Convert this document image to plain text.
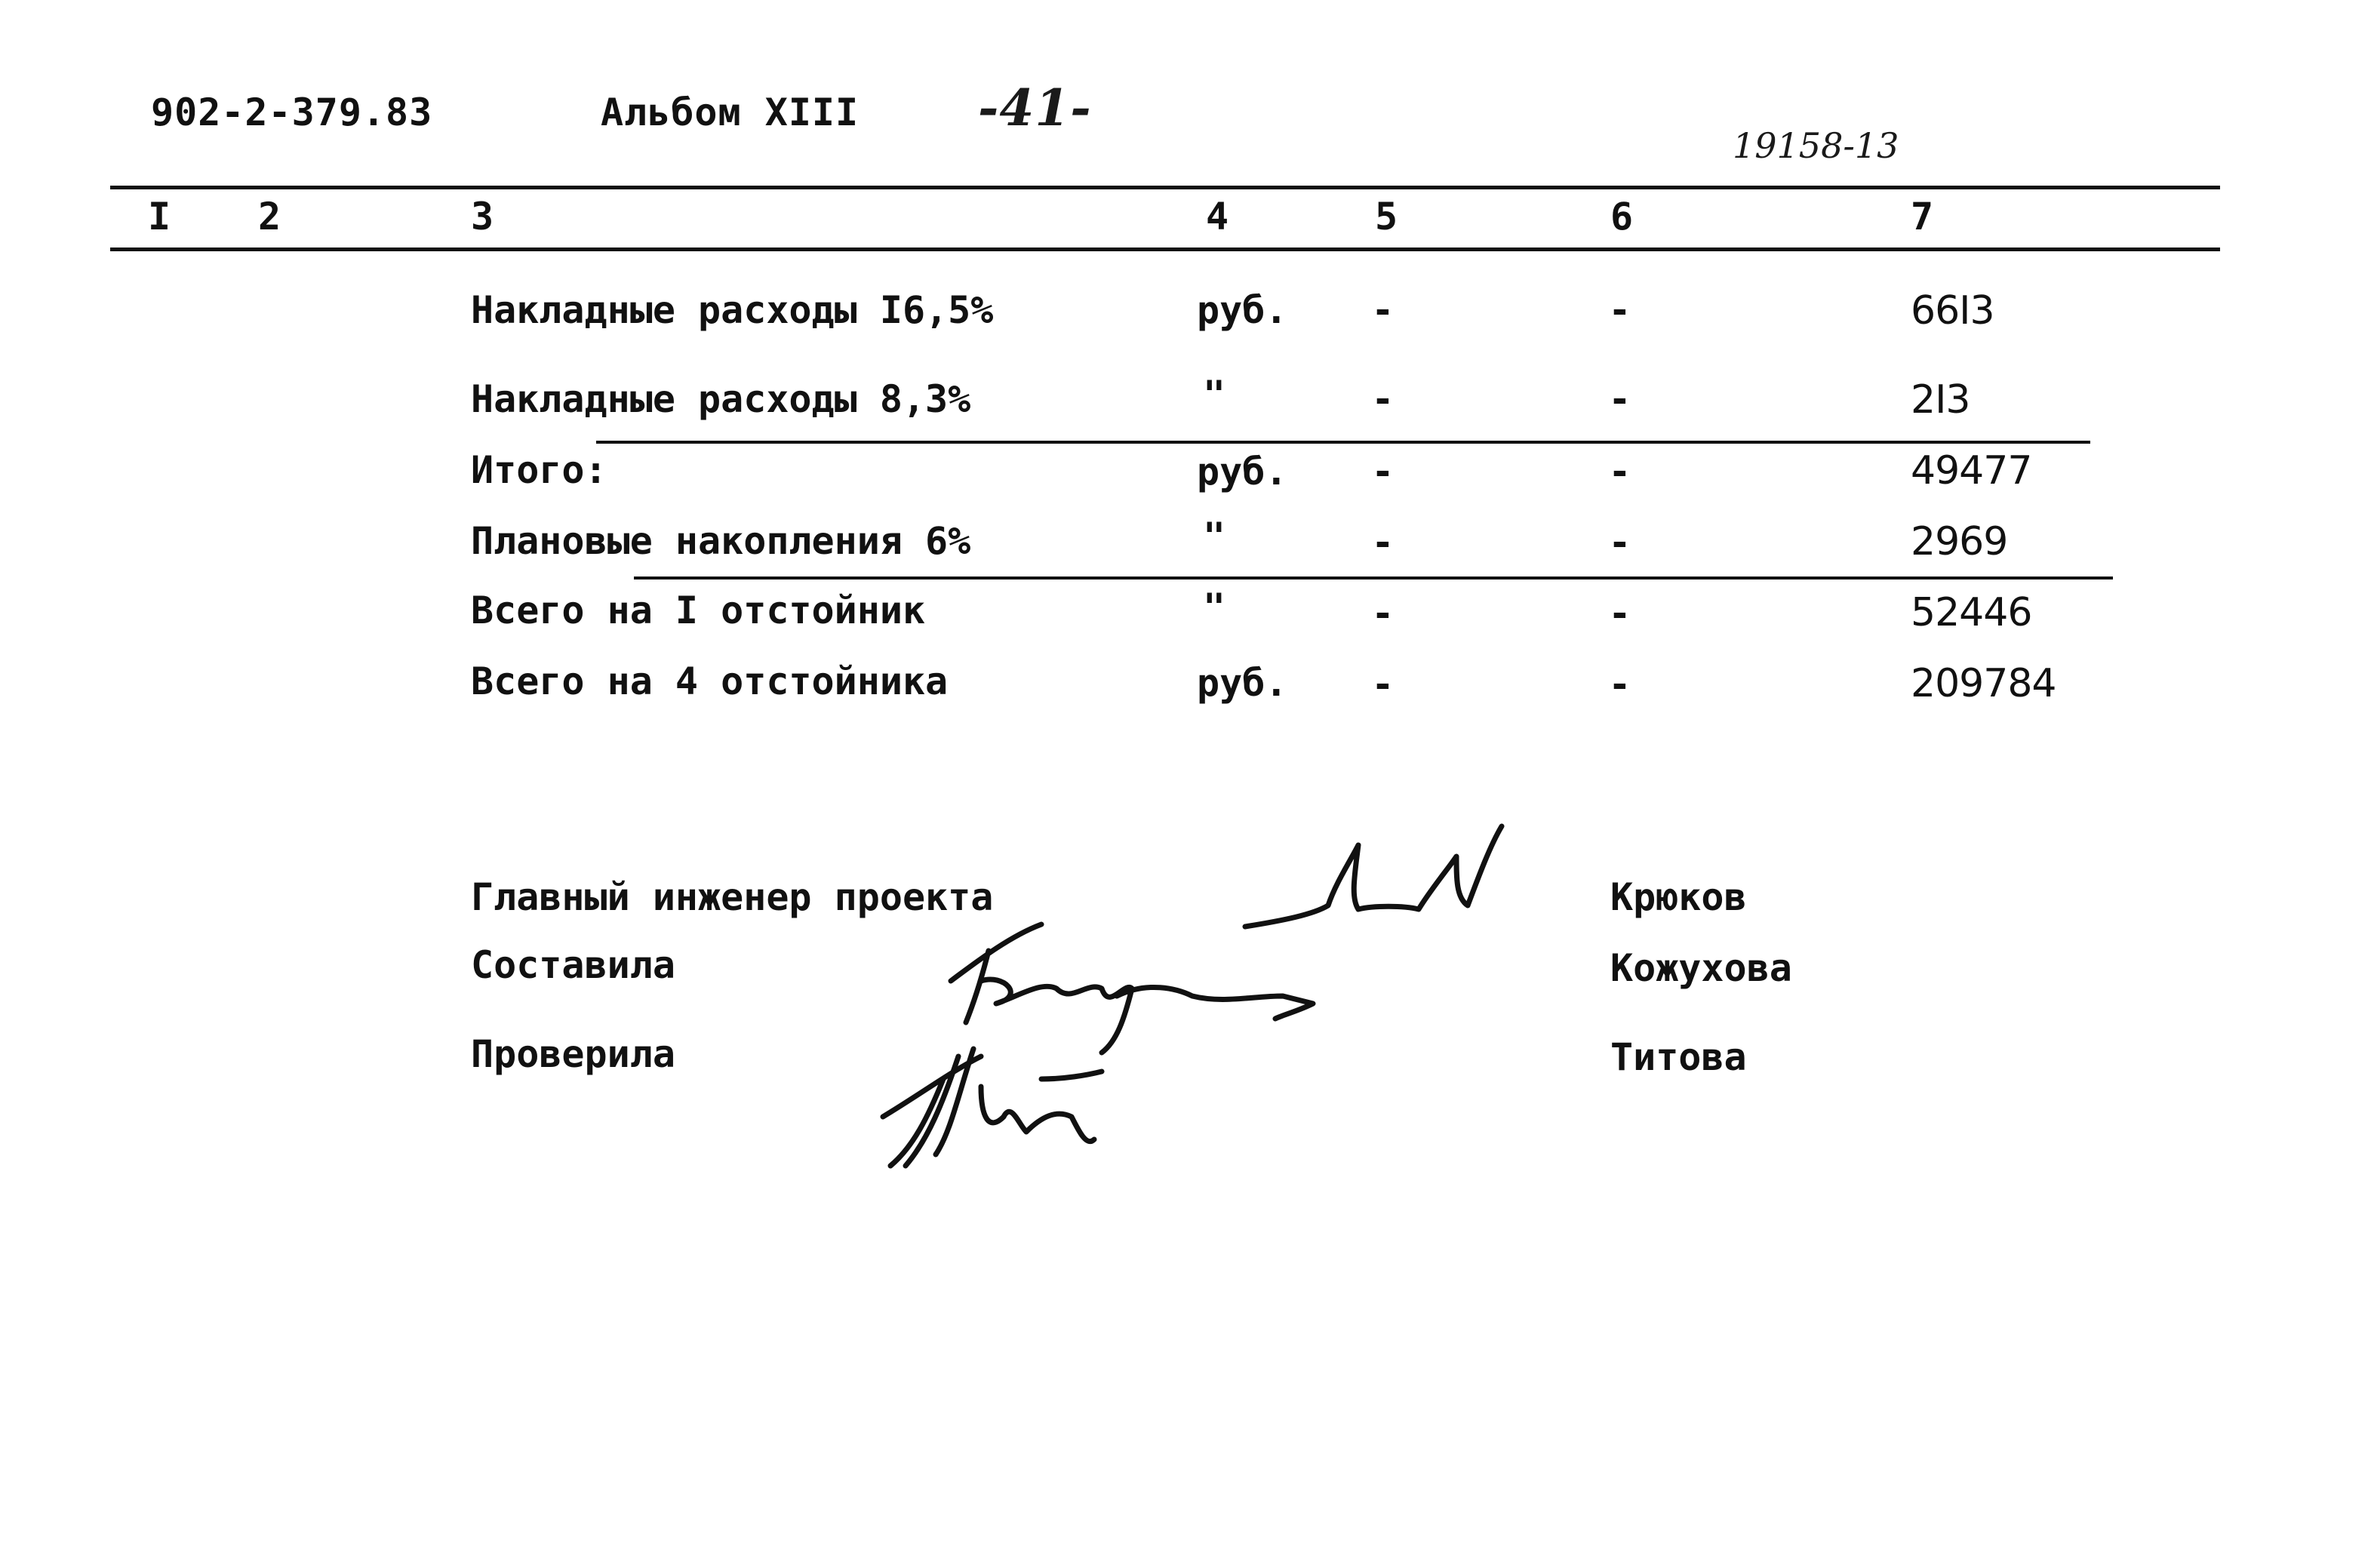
902-2-379.83	Альбом XIII -41-
19158-13
I 2	3	4	5	6	7
Накладные расходы I6,5%	руб. -	-	66I3
Накладные расходы 8,3%	"	-	-	2I3
Итого:	руб. -	-	49477
Плановые накопления 6%	"	-	-	2969
Всего на I отстойник	"	-	-	52446
Всего на 4 отстойника	руб. -	-	209784
Главный инженер проекта	Крюков
Составила	Кожухова
Проверила	Титова
